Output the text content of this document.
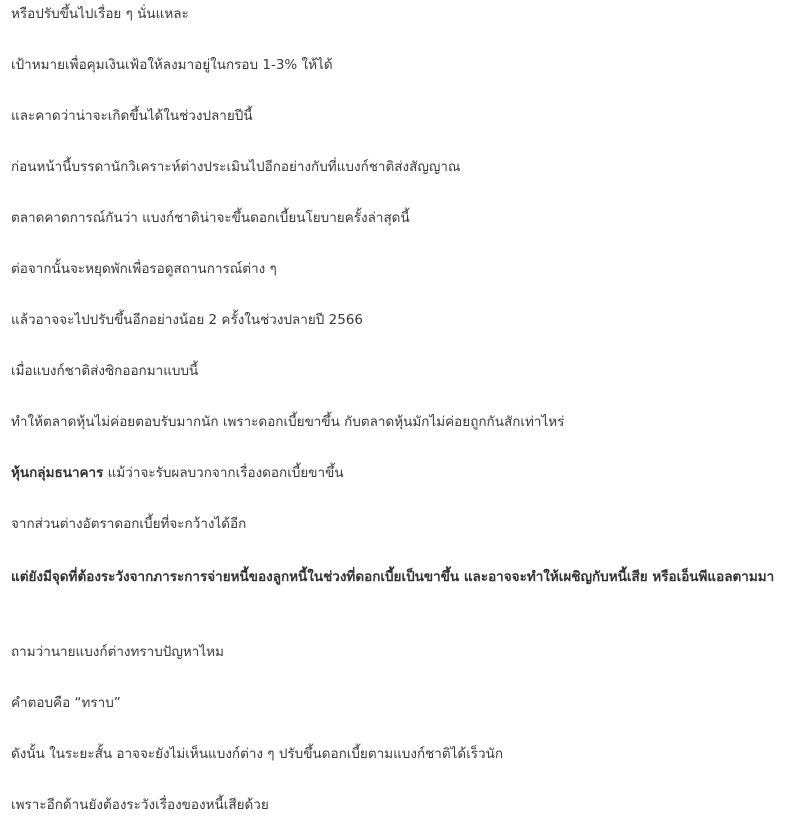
หรือปรับขึ้นไปเรื่อย ๆ นั่นแหละ

เป้าหมายเพื่อคุมเงินเฟ้อให้ลงมาอยู่ในกรอบ 1-3% ให้ได้

และคาดว่าน่าจะเกิดขึ้นได้ในช่วงปลายปีนี้

ก่อนหน้านี้บรรดานักวิเคราะห์ต่างประเมินไปอีกอย่างกับที่แบงก์ชาติส่งสัญญาณ

ตลาดคาดการณ์กันว่า แบงก์ชาติน่าจะขึ้นดอกเบี้ยนโยบายครั้งล่าสุดนี้

ต่อจากนั้นจะหยุดพักเพื่อรอดูสถานการณ์ต่าง ๆ

แล้วอาจจะไปปรับขึ้นอีกอย่างน้อย 2 ครั้งในช่วงปลายปี 2566

เมื่อแบงก์ชาติส่งซิกออกมาแบบนี้

ทำให้ตลาดหุ้นไม่ค่อยตอบรับมากนัก เพราะดอกเบี้ยขาขึ้น กับตลาดหุ้นมักไม่ค่อยถูกกันสักเท่าไหร่

หุ้นกลุ่มธนาคาร แม้ว่าจะรับผลบวกจากเรื่องดอกเบี้ยขาขึ้น

จากส่วนต่างอัตราดอกเบี้ยที่จะกว้างได้อีก

แต่ยังมีจุดที่ต้องระวังจากภาระการจ่ายหนี้ของลูกหนี้ในช่วงที่ดอกเบี้ยเป็นขาขึ้น และอาจจะทำให้เผชิญกับหนี้เสีย หรือเอ็นพีแอลตามมา

ถามว่านายแบงก์ต่างทราบปัญหาไหม

คำตอบคือ “ทราบ”

ดังนั้น ในระยะสั้น อาจจะยังไม่เห็นแบงก์ต่าง ๆ ปรับขึ้นดอกเบี้ยตามแบงก์ชาติได้เร็วนัก

เพราะอีกด้านยังต้องระวังเรื่องของหนี้เสียด้วย
